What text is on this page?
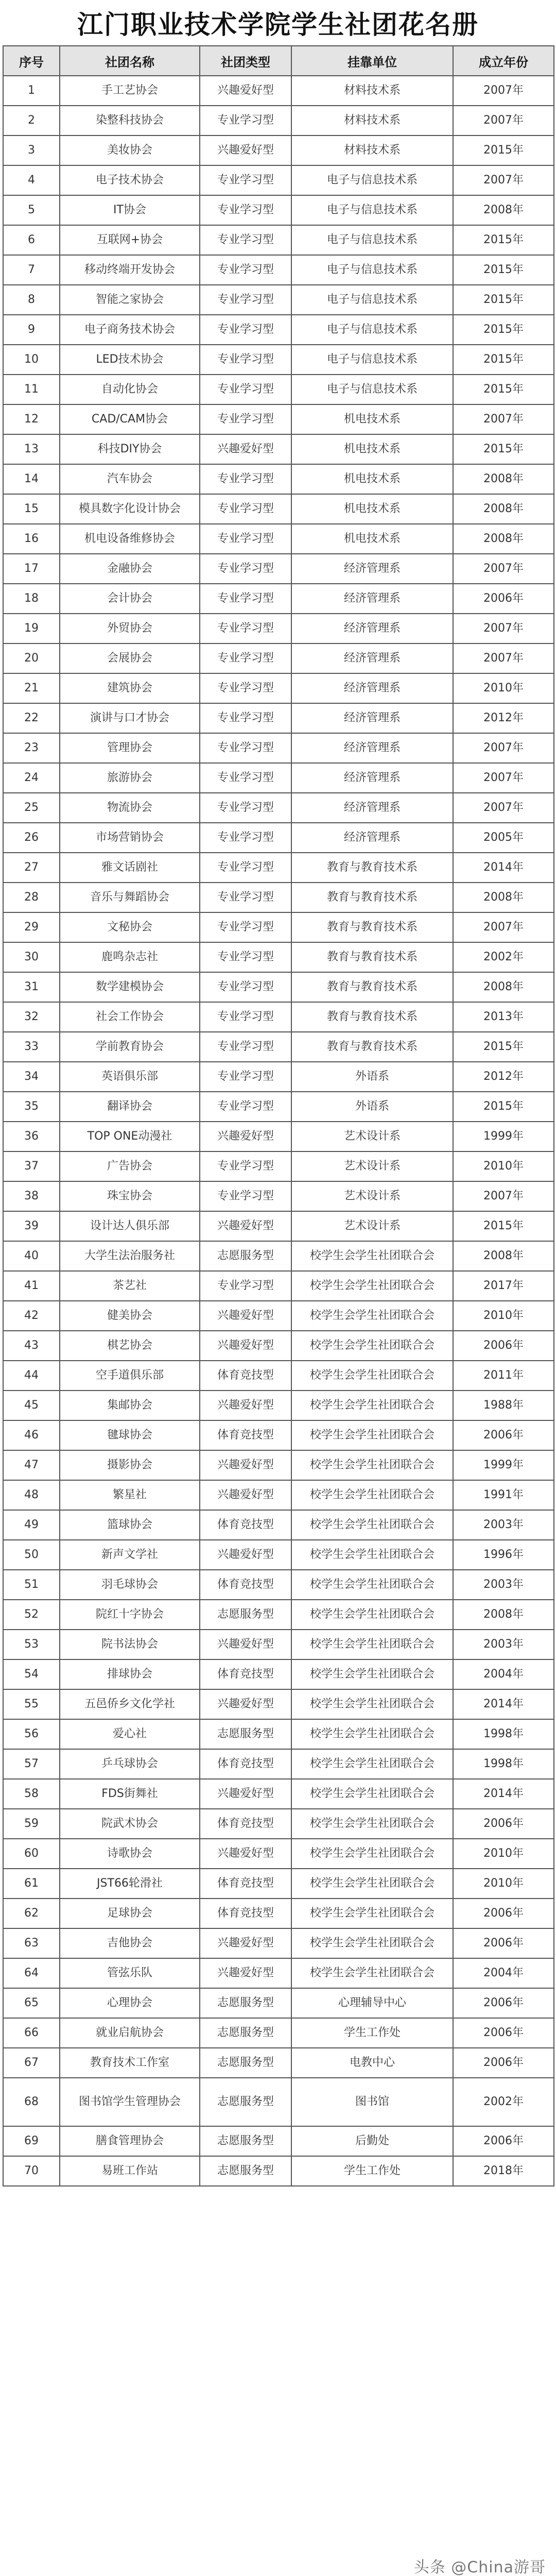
江门职业技术学院学生社团花名册
序号	社团名称	社团类型	挂靠单位	成立年份
1	手工艺协会	兴趣爱好型	材料技术系	2007年
2	染整科技协会	专业学习型	材料技术系	2007年
3	美妆协会	兴趣爱好型	材料技术系	2015年
4	电子技术协会	专业学习型	电子与信息技术系	2007年
5	IT协会	专业学习型	电子与信息技术系	2008年
6	互联网+协会	专业学习型	电子与信息技术系	2015年
7	移动终端开发协会	专业学习型	电子与信息技术系	2015年
8	智能之家协会	专业学习型	电子与信息技术系	2015年
9	电子商务技术协会	专业学习型	电子与信息技术系	2015年
10	LED技术协会	专业学习型	电子与信息技术系	2015年
11	自动化协会	专业学习型	电子与信息技术系	2015年
12	CAD/CAM协会	专业学习型	机电技术系	2007年
13	科技DIY协会	兴趣爱好型	机电技术系	2015年
14	汽车协会	专业学习型	机电技术系	2008年
15	模具数字化设计协会	专业学习型	机电技术系	2008年
16	机电设备维修协会	专业学习型	机电技术系	2008年
17	金融协会	专业学习型	经济管理系	2007年
18	会计协会	专业学习型	经济管理系	2006年
19	外贸协会	专业学习型	经济管理系	2007年
20	会展协会	专业学习型	经济管理系	2007年
21	建筑协会	专业学习型	经济管理系	2010年
22	演讲与口才协会	专业学习型	经济管理系	2012年
23	管理协会	专业学习型	经济管理系	2007年
24	旅游协会	专业学习型	经济管理系	2007年
25	物流协会	专业学习型	经济管理系	2007年
26	市场营销协会	专业学习型	经济管理系	2005年
27	雅文话剧社	专业学习型	教育与教育技术系	2014年
28	音乐与舞蹈协会	专业学习型	教育与教育技术系	2008年
29	文秘协会	专业学习型	教育与教育技术系	2007年
30	鹿鸣杂志社	专业学习型	教育与教育技术系	2002年
31	数学建模协会	专业学习型	教育与教育技术系	2008年
32	社会工作协会	专业学习型	教育与教育技术系	2013年
33	学前教育协会	专业学习型	教育与教育技术系	2015年
34	英语俱乐部	专业学习型	外语系	2012年
35	翻译协会	专业学习型	外语系	2015年
36	TOP ONE动漫社	兴趣爱好型	艺术设计系	1999年
37	广告协会	专业学习型	艺术设计系	2010年
38	珠宝协会	专业学习型	艺术设计系	2007年
39	设计达人俱乐部	兴趣爱好型	艺术设计系	2015年
40	大学生法治服务社	志愿服务型	校学生会学生社团联合会	2008年
41	茶艺社	专业学习型	校学生会学生社团联合会	2017年
42	健美协会	兴趣爱好型	校学生会学生社团联合会	2010年
43	棋艺协会	兴趣爱好型	校学生会学生社团联合会	2006年
44	空手道俱乐部	体育竞技型	校学生会学生社团联合会	2011年
45	集邮协会	兴趣爱好型	校学生会学生社团联合会	1988年
46	毽球协会	体育竞技型	校学生会学生社团联合会	2006年
47	摄影协会	兴趣爱好型	校学生会学生社团联合会	1999年
48	繁星社	兴趣爱好型	校学生会学生社团联合会	1991年
49	篮球协会	体育竞技型	校学生会学生社团联合会	2003年
50	新声文学社	兴趣爱好型	校学生会学生社团联合会	1996年
51	羽毛球协会	体育竞技型	校学生会学生社团联合会	2003年
52	院红十字协会	志愿服务型	校学生会学生社团联合会	2008年
53	院书法协会	兴趣爱好型	校学生会学生社团联合会	2003年
54	排球协会	体育竞技型	校学生会学生社团联合会	2004年
55	五邑侨乡文化学社	兴趣爱好型	校学生会学生社团联合会	2014年
56	爱心社	志愿服务型	校学生会学生社团联合会	1998年
57	乒乓球协会	体育竞技型	校学生会学生社团联合会	1998年
58	FDS街舞社	兴趣爱好型	校学生会学生社团联合会	2014年
59	院武术协会	体育竞技型	校学生会学生社团联合会	2006年
60	诗歌协会	兴趣爱好型	校学生会学生社团联合会	2010年
61	JST66轮滑社	体育竞技型	校学生会学生社团联合会	2010年
62	足球协会	体育竞技型	校学生会学生社团联合会	2006年
63	吉他协会	兴趣爱好型	校学生会学生社团联合会	2006年
64	管弦乐队	兴趣爱好型	校学生会学生社团联合会	2004年
65	心理协会	志愿服务型	心理辅导中心	2006年
66	就业启航协会	志愿服务型	学生工作处	2006年
67	教育技术工作室	志愿服务型	电教中心	2006年
68	图书馆学生管理协会	志愿服务型	图书馆	2002年
69	膳食管理协会	志愿服务型	后勤处	2006年
70	易班工作站	志愿服务型	学生工作处	2018年
头条 @China游哥
